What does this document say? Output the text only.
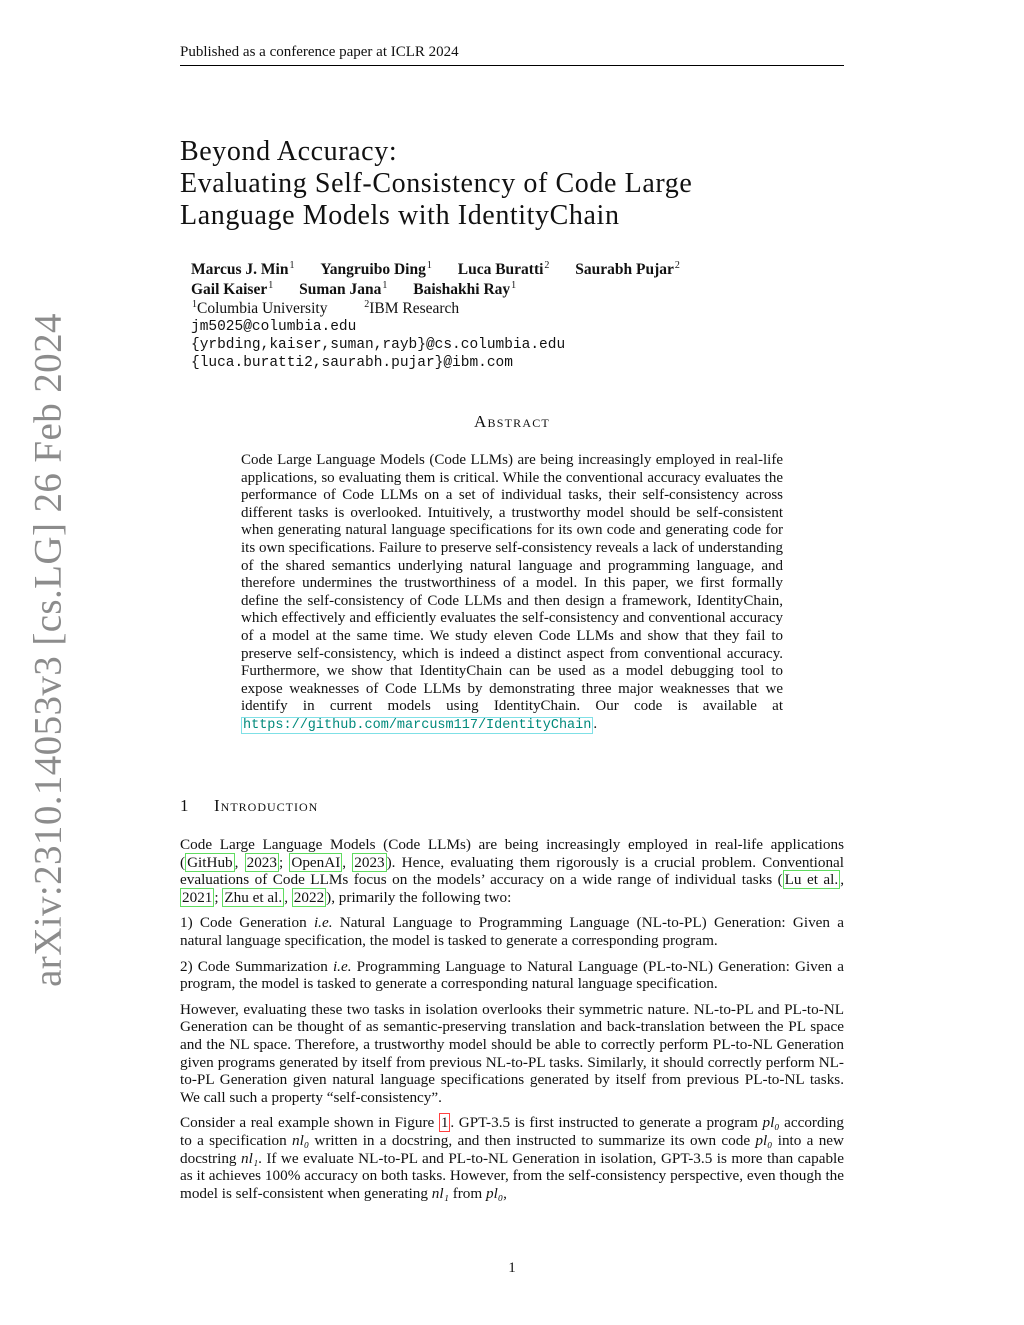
Published as a conference paper at ICLR 2024
arXiv:2310.14053v3 [cs.LG] 26 Feb 2024
Beyond Accuracy:
Evaluating Self-Consistency of Code Large
Language Models with IdentityChain
Marcus J. Min$^1$ Yangruibo Ding$^1$ Luca Buratti$^2$ Saurabh Pujar$^2$
Gail Kaiser$^1$ Suman Jana$^1$ Baishakhi Ray$^1$
$^1$Columbia University	$^2$IBM Research
jm5025@columbia.edu
{yrbding,kaiser,suman,rayb}@cs.columbia.edu
{luca.buratti2,saurabh.pujar}@ibm.com
Abstract
Code Large Language Models (Code LLMs) are being increasingly employed in real-life applications, so evaluating them is critical. While the conventional accuracy evaluates the performance of Code LLMs on a set of individual tasks, their self-consistency across different tasks is overlooked. Intuitively, a trustworthy model should be self-consistent when generating natural language specifications for its own code and generating code for its own specifications. Failure to preserve self-consistency reveals a lack of understanding of the shared semantics underlying natural language and programming language, and therefore undermines the trustworthiness of a model. In this paper, we first formally define the self-consistency of Code LLMs and then design a framework, IdentityChain, which effectively and efficiently evaluates the self-consistency and conventional accuracy of a model at the same time. We study eleven Code LLMs and show that they fail to preserve self-consistency, which is indeed a distinct aspect from conventional accuracy. Furthermore, we show that IdentityChain can be used as a model debugging tool to expose weaknesses of Code LLMs by demonstrating three major weaknesses that we identify in current models using IdentityChain. Our code is available at https://github.com/marcusm117/IdentityChain .
1 Introduction

Code Large Language Models (Code LLMs) are being increasingly employed in real-life applications ( GitHub , 2023 ; OpenAI , 2023 ). Hence, evaluating them rigorously is a crucial problem. Conventional evaluations of Code LLMs focus on the models’ accuracy on a wide range of individual tasks ( Lu et al. , 2021 ; Zhu et al. , 2022 ), primarily the following two:

1) Code Generation i.e. Natural Language to Programming Language (NL-to-PL) Generation: Given a natural language specification, the model is tasked to generate a corresponding program.

2) Code Summarization i.e. Programming Language to Natural Language (PL-to-NL) Generation: Given a program, the model is tasked to generate a corresponding natural language specification.

However, evaluating these two tasks in isolation overlooks their symmetric nature. NL-to-PL and PL-to-NL Generation can be thought of as semantic-preserving translation and back-translation between the PL space and the NL space. Therefore, a trustworthy model should be able to correctly perform PL-to-NL Generation given programs generated by itself from previous NL-to-PL tasks. Similarly, it should correctly perform NL-to-PL Generation given natural language specifications generated by itself from previous PL-to-NL tasks. We call such a property “self-consistency”.

Consider a real example shown in Figure 1 . GPT-3.5 is first instructed to generate a program pl₀ according to a specification nl₀ written in a docstring, and then instructed to summarize its own code pl₀ into a new docstring nl₁. If we evaluate NL-to-PL and PL-to-NL Generation in isolation, GPT-3.5 is more than capable as it achieves 100% accuracy on both tasks. However, from the self-consistency perspective, even though the model is self-consistent when generating nl₁ from pl₀,

1
